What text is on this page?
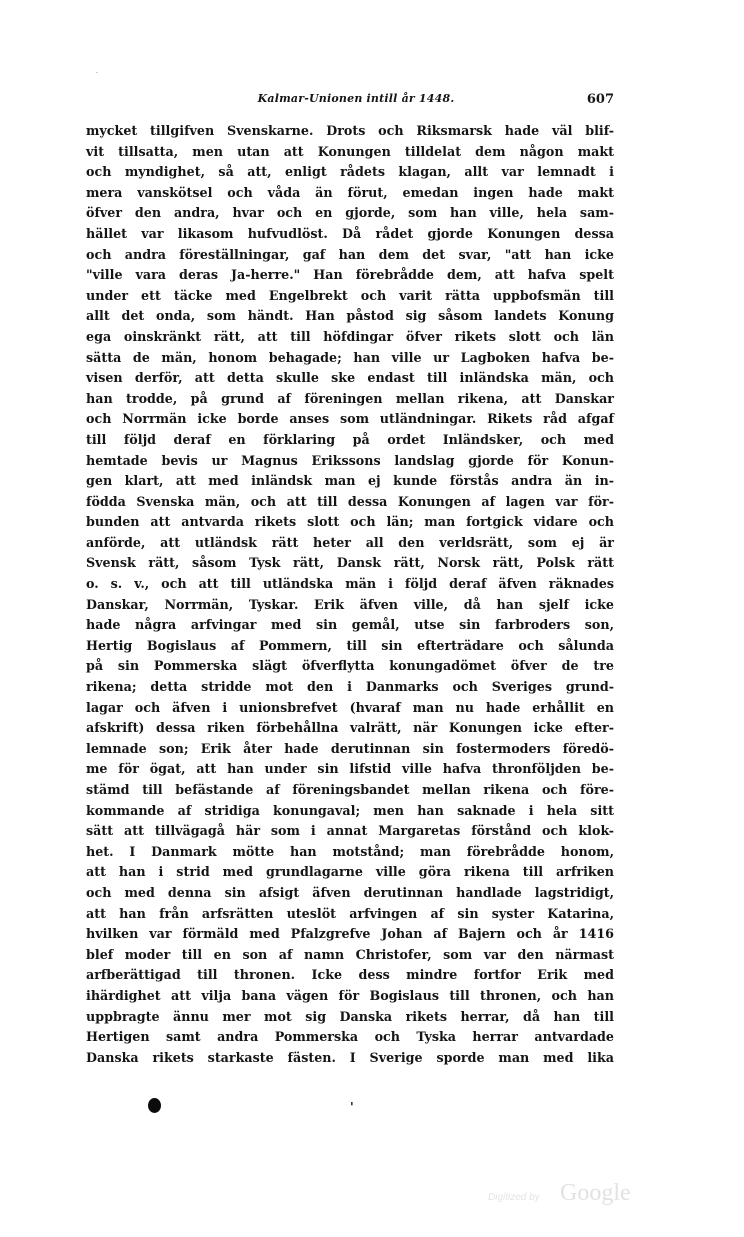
·
Kalmar-Unionen intill år 1448.	607
mycket tillgifven Svenskarne. Drots och Riksmarsk hade väl blif-
vit tillsatta, men utan att Konungen tilldelat dem någon makt
och myndighet, så att, enligt rådets klagan, allt var lemnadt i
mera vanskötsel och våda än förut, emedan ingen hade makt
öfver den andra, hvar och en gjorde, som han ville, hela sam-
hället var likasom hufvudlöst. Då rådet gjorde Konungen dessa
och andra föreställningar, gaf han dem det svar, "att han icke
"ville vara deras Ja-herre." Han förebrådde dem, att hafva spelt
under ett täcke med Engelbrekt och varit rätta uppbofsmän till
allt det onda, som händt. Han påstod sig såsom landets Konung
ega oinskränkt rätt, att till höfdingar öfver rikets slott och län
sätta de män, honom behagade; han ville ur Lagboken hafva be-
visen derför, att detta skulle ske endast till inländska män, och
han trodde, på grund af föreningen mellan rikena, att Danskar
och Norrmän icke borde anses som utländningar. Rikets råd afgaf
till följd deraf en förklaring på ordet Inländsker, och med
hemtade bevis ur Magnus Erikssons landslag gjorde för Konun-
gen klart, att med inländsk man ej kunde förstås andra än in-
födda Svenska män, och att till dessa Konungen af lagen var för-
bunden att antvarda rikets slott och län; man fortgick vidare och
anförde, att utländsk rätt heter all den verldsrätt, som ej är
Svensk rätt, såsom Tysk rätt, Dansk rätt, Norsk rätt, Polsk rätt
o. s. v., och att till utländska män i följd deraf äfven räknades
Danskar, Norrmän, Tyskar. Erik äfven ville, då han sjelf icke
hade några arfvingar med sin gemål, utse sin farbroders son,
Hertig Bogislaus af Pommern, till sin efterträdare och sålunda
på sin Pommerska slägt öfverflytta konungadömet öfver de tre
rikena; detta stridde mot den i Danmarks och Sveriges grund-
lagar och äfven i unionsbrefvet (hvaraf man nu hade erhållit en
afskrift) dessa riken förbehållna valrätt, när Konungen icke efter-
lemnade son; Erik åter hade derutinnan sin fostermoders föredö-
me för ögat, att han under sin lifstid ville hafva thronföljden be-
stämd till befästande af föreningsbandet mellan rikena och före-
kommande af stridiga konungaval; men han saknade i hela sitt
sätt att tillvägagå här som i annat Margaretas förstånd och klok-
het. I Danmark mötte han motstånd; man förebrådde honom,
att han i strid med grundlagarne ville göra rikena till arfriken
och med denna sin afsigt äfven derutinnan handlade lagstridigt,
att han från arfsrätten uteslöt arfvingen af sin syster Katarina,
hvilken var förmäld med Pfalzgrefve Johan af Bajern och år 1416
blef moder till en son af namn Christofer, som var den närmast
arfberättigad till thronen. Icke dess mindre fortfor Erik med
ihärdighet att vilja bana vägen för Bogislaus till thronen, och han
uppbragte ännu mer mot sig Danska rikets herrar, då han till
Hertigen samt andra Pommerska och Tyska herrar antvardade
Danska rikets starkaste fästen. I Sverige sporde man med lika
'
Digitized by Google
